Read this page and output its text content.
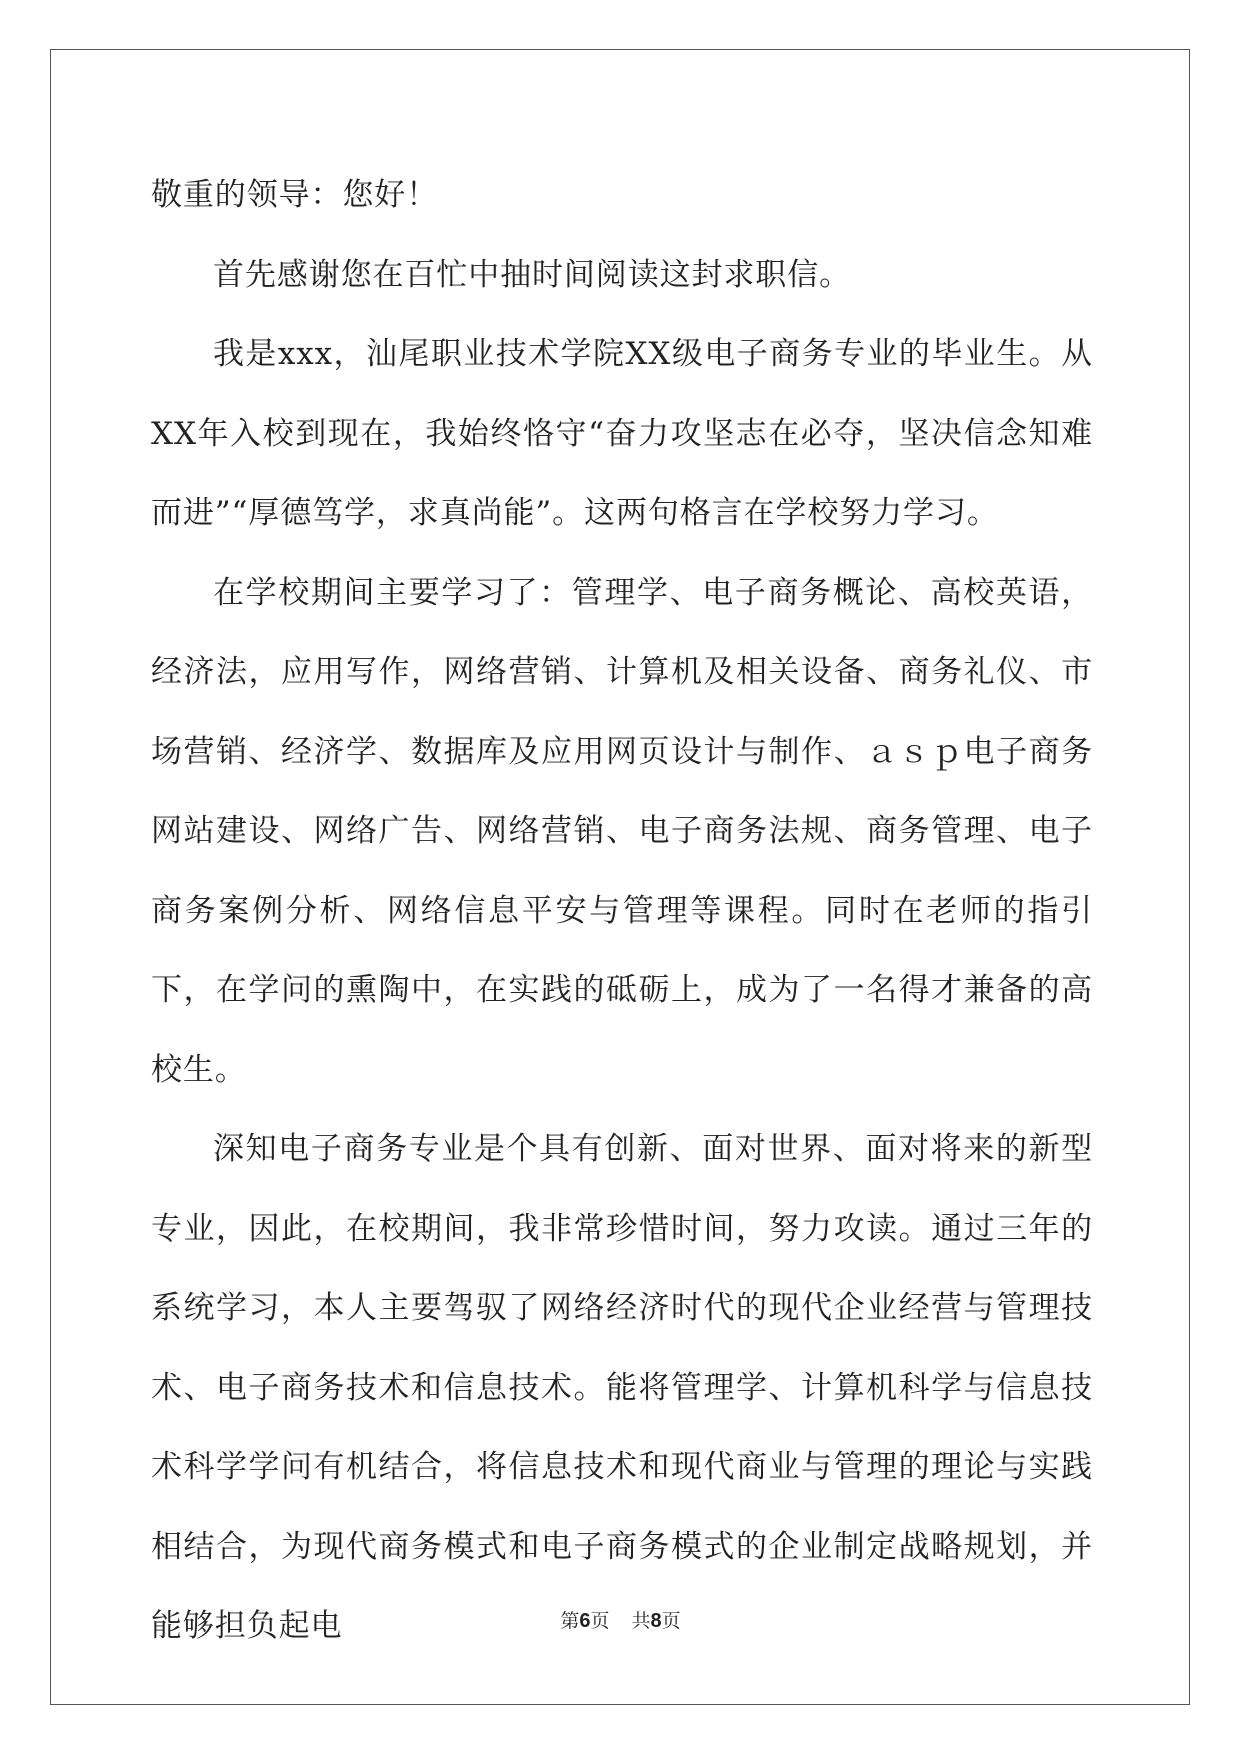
敬重的领导：您好！

首先感谢您在百忙中抽时间阅读这封求职信。

我是xxx，汕尾职业技术学院XX级电子商务专业的毕业生。从XX年入校到现在，我始终恪守“奋力攻坚志在必夺，坚决信念知难而进”“厚德笃学，求真尚能”。这两句格言在学校努力学习。

在学校期间主要学习了：管理学、电子商务概论、高校英语，经济法，应用写作，网络营销、计算机及相关设备、商务礼仪、市场营销、经济学、数据库及应用网页设计与制作、ａｓｐ电子商务网站建设、网络广告、网络营销、电子商务法规、商务管理、电子商务案例分析、网络信息平安与管理等课程。同时在老师的指引下，在学问的熏陶中，在实践的砥砺上，成为了一名得才兼备的高校生。

深知电子商务专业是个具有创新、面对世界、面对将来的新型专业，因此，在校期间，我非常珍惜时间，努力攻读。通过三年的系统学习，本人主要驾驭了网络经济时代的现代企业经营与管理技术、电子商务技术和信息技术。能将管理学、计算机科学与信息技术科学学问有机结合，将信息技术和现代商业与管理的理论与实践相结合，为现代商务模式和电子商务模式的企业制定战略规划，并能够担负起电	第6页 共8页
